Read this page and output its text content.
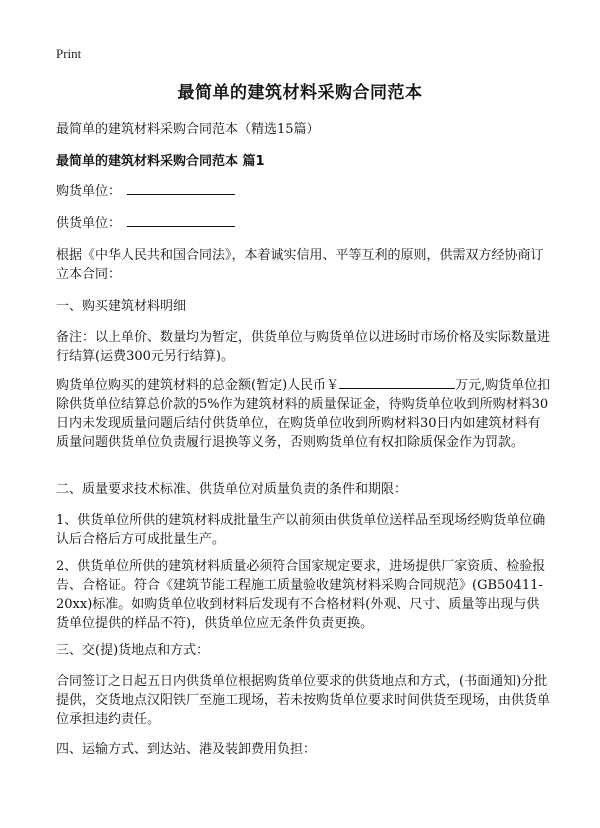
Print
最简单的建筑材料采购合同范本

最简单的建筑材料采购合同范本（精选15篇）

最简单的建筑材料采购合同范本 篇1

购货单位：

供货单位：

根据《中华人民共和国合同法》，本着诚实信用、平等互利的原则，供需双方经协商订立本合同：

一、购买建筑材料明细

备注：以上单价、数量均为暂定，供货单位与购货单位以进场时市场价格及实际数量进行结算(运费300元另行结算)。

购货单位购买的建筑材料的总金额(暂定)人民币￥	万元,购货单位扣除供货单位结算总价款的5%作为建筑材料的质量保证金，待购货单位收到所购材料30日内未发现质量问题后结付供货单位，在购货单位收到所购材料30日内如建筑材料有质量问题供货单位负责履行退换等义务，否则购货单位有权扣除质保金作为罚款。

二、质量要求技术标准、供货单位对质量负责的条件和期限：

1、供货单位所供的建筑材料成批量生产以前须由供货单位送样品至现场经购货单位确认后合格后方可成批量生产。

2、供货单位所供的建筑材料质量必须符合国家规定要求，进场提供厂家资质、检验报告、合格证。符合《建筑节能工程施工质量验收建筑材料采购合同规范》(GB50411-20xx)标准。如购货单位收到材料后发现有不合格材料(外观、尺寸、质量等出现与供货单位提供的样品不符)，供货单位应无条件负责更换。

三、交(提)货地点和方式：

合同签订之日起五日内供货单位根据购货单位要求的供货地点和方式，(书面通知)分批提供，交货地点汉阳铁厂至施工现场，若未按购货单位要求时间供货至现场，由供货单位承担违约责任。

四、运输方式、到达站、港及装卸费用负担：
